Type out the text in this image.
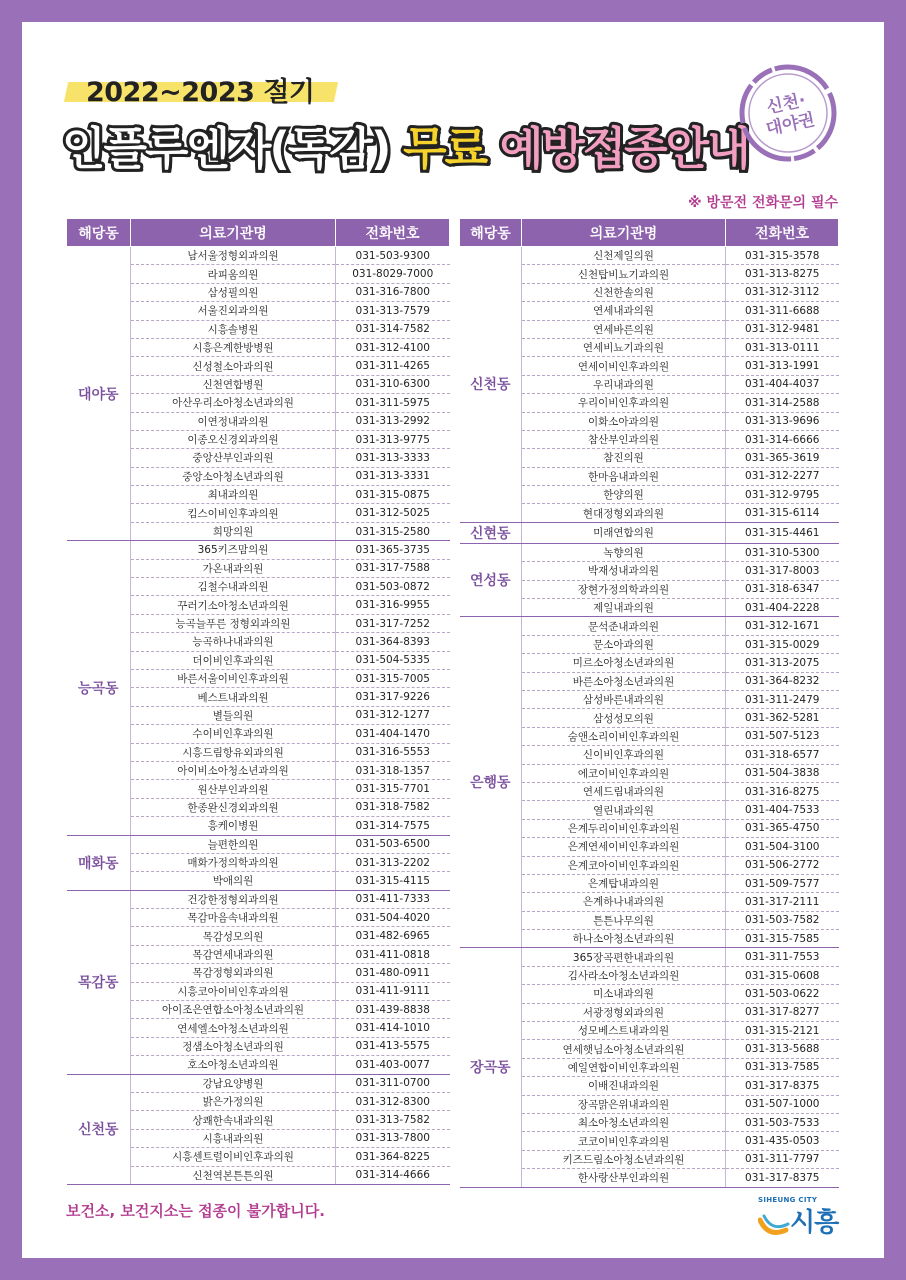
2022~2023 절기
인플루엔자(독감) 무료 예방접종안내
신천·
대야권
※ 방문전 전화문의 필수
해당동	의료기관명	전화번호
대야동	남서울정형외과의원	031-503-9300
	라피움의원	031-8029-7000
	삼성필의원	031-316-7800
	서울진외과의원	031-313-7579
	시흥솔병원	031-314-7582
	시흥은계한방병원	031-312-4100
	신성철소아과의원	031-311-4265
	신천연합병원	031-310-6300
	아산우리소아청소년과의원	031-311-5975
	이연정내과의원	031-313-2992
	이종오신경외과의원	031-313-9775
	중앙산부인과의원	031-313-3333
	중앙소아청소년과의원	031-313-3331
	최내과의원	031-315-0875
	킴스이비인후과의원	031-312-5025
	희망의원	031-315-2580
능곡동	365키즈맘의원	031-365-3735
	가온내과의원	031-317-7588
	김철수내과의원	031-503-0872
	꾸러기소아청소년과의원	031-316-9955
	능곡늘푸른 정형외과의원	031-317-7252
	능곡하나내과의원	031-364-8393
	더이비인후과의원	031-504-5335
	바른서울이비인후과의원	031-315-7005
	베스트내과의원	031-317-9226
	별들의원	031-312-1277
	수이비인후과의원	031-404-1470
	시흥드림항유외과의원	031-316-5553
	아이비소아청소년과의원	031-318-1357
	원산부인과의원	031-315-7701
	한종완신경외과의원	031-318-7582
	흥케이병원	031-314-7575
매화동	늘편한의원	031-503-6500
	매화가정의학과의원	031-313-2202
	박애의원	031-315-4115
목감동	건강한정형외과의원	031-411-7333
	목감마음속내과의원	031-504-4020
	목감성모의원	031-482-6965
	목감연세내과의원	031-411-0818
	목감정형외과의원	031-480-0911
	시흥코아이비인후과의원	031-411-9111
	아이조은연합소아청소년과의원	031-439-8838
	연세엘소아청소년과의원	031-414-1010
	정샘소아청소년과의원	031-413-5575
	호소아청소년과의원	031-403-0077
신천동	강남요양병원	031-311-0700
	밝은가정의원	031-312-8300
	상쾌한속내과의원	031-313-7582
	시흥내과의원	031-313-7800
	시흥센트럴이비인후과의원	031-364-8225
	신천역본튼튼의원	031-314-4666
해당동	의료기관명	전화번호
신천동	신천제일의원	031-315-3578
	신천탑비뇨기과의원	031-313-8275
	신천한솔의원	031-312-3112
	연세내과의원	031-311-6688
	연세바른의원	031-312-9481
	연세비뇨기과의원	031-313-0111
	연세이비인후과의원	031-313-1991
	우리내과의원	031-404-4037
	우리이비인후과의원	031-314-2588
	이화소아과의원	031-313-9696
	참산부인과의원	031-314-6666
	참진의원	031-365-3619
	한마음내과의원	031-312-2277
	한양의원	031-312-9795
	현대정형외과의원	031-315-6114
신현동	미래연합의원	031-315-4461
연성동	녹향의원	031-310-5300
	박재성내과의원	031-317-8003
	장현가정의학과의원	031-318-6347
	제일내과의원	031-404-2228
은행동	문석준내과의원	031-312-1671
	문소아과의원	031-315-0029
	미르소아청소년과의원	031-313-2075
	바른소아청소년과의원	031-364-8232
	삼성바른내과의원	031-311-2479
	삼성성모의원	031-362-5281
	숨앤소리이비인후과의원	031-507-5123
	신이비인후과의원	031-318-6577
	에코이비인후과의원	031-504-3838
	연세드림내과의원	031-316-8275
	열린내과의원	031-404-7533
	은계두리이비인후과의원	031-365-4750
	은계연세이비인후과의원	031-504-3100
	은계코아이비인후과의원	031-506-2772
	은계탑내과의원	031-509-7577
	은계하나내과의원	031-317-2111
	튼튼나무의원	031-503-7582
	하나소아청소년과의원	031-315-7585
장곡동	365장곡편한내과의원	031-311-7553
	김사라소아청소년과의원	031-315-0608
	미소내과의원	031-503-0622
	서광정형외과의원	031-317-8277
	성모베스트내과의원	031-315-2121
	연세햇님소아청소년과의원	031-313-5688
	예일연합이비인후과의원	031-313-7585
	이배진내과의원	031-317-8375
	장곡맑은위내과의원	031-507-1000
	최소아청소년과의원	031-503-7533
	코코이비인후과의원	031-435-0503
	키즈드림소아청소년과의원	031-311-7797
	한사랑산부인과의원	031-317-8375
보건소, 보건지소는 접종이 불가합니다.
SIHEUNG CITY
시흥
